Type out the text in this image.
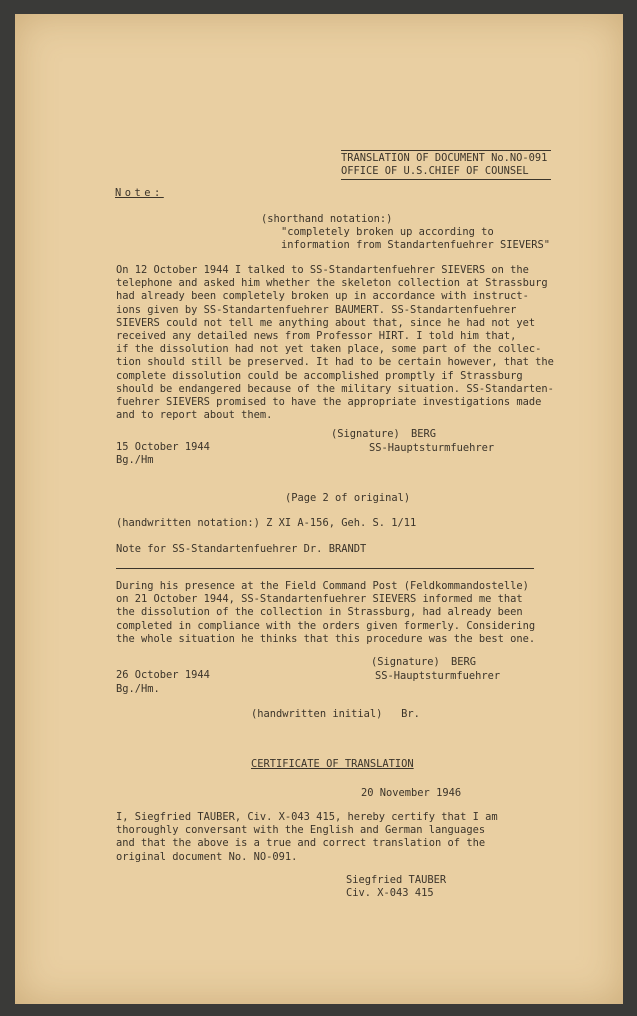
TRANSLATION OF DOCUMENT No.NO-091
OFFICE OF U.S.CHIEF OF COUNSEL
Note:
(shorthand notation:)
"completely broken up according to
information from Standartenfuehrer SIEVERS"
On 12 October 1944 I talked to SS-Standartenfuehrer SIEVERS on the
telephone and asked him whether the skeleton collection at Strassburg
had already been completely broken up in accordance with instruct-
ions given by SS-Standartenfuehrer BAUMERT. SS-Standartenfuehrer
SIEVERS could not tell me anything about that, since he had not yet
received any detailed news from Professor HIRT. I told him that,
if the dissolution had not yet taken place, some part of the collec-
tion should still be preserved. It had to be certain however, that the
complete dissolution could be accomplished promptly if Strassburg
should be endangered because of the military situation. SS-Standarten-
fuehrer SIEVERS promised to have the appropriate investigations made
and to report about them.
(Signature) BERG
15 October 1944	SS-Hauptsturmfuehrer
Bg./Hm
(Page 2 of original)
(handwritten notation:) Z XI A-156, Geh. S. 1/11
Note for SS-Standartenfuehrer Dr. BRANDT
During his presence at the Field Command Post (Feldkommandostelle)
on 21 October 1944, SS-Standartenfuehrer SIEVERS informed me that
the dissolution of the collection in Strassburg, had already been
completed in compliance with the orders given formerly. Considering
the whole situation he thinks that this procedure was the best one.
(Signature) BERG
26 October 1944	SS-Hauptsturmfuehrer
Bg./Hm.
(handwritten initial)   Br.
CERTIFICATE OF TRANSLATION
20 November 1946
I, Siegfried TAUBER, Civ. X-043 415, hereby certify that I am
thoroughly conversant with the English and German languages
and that the above is a true and correct translation of the
original document No. NO-091.
Siegfried TAUBER
Civ. X-043 415
